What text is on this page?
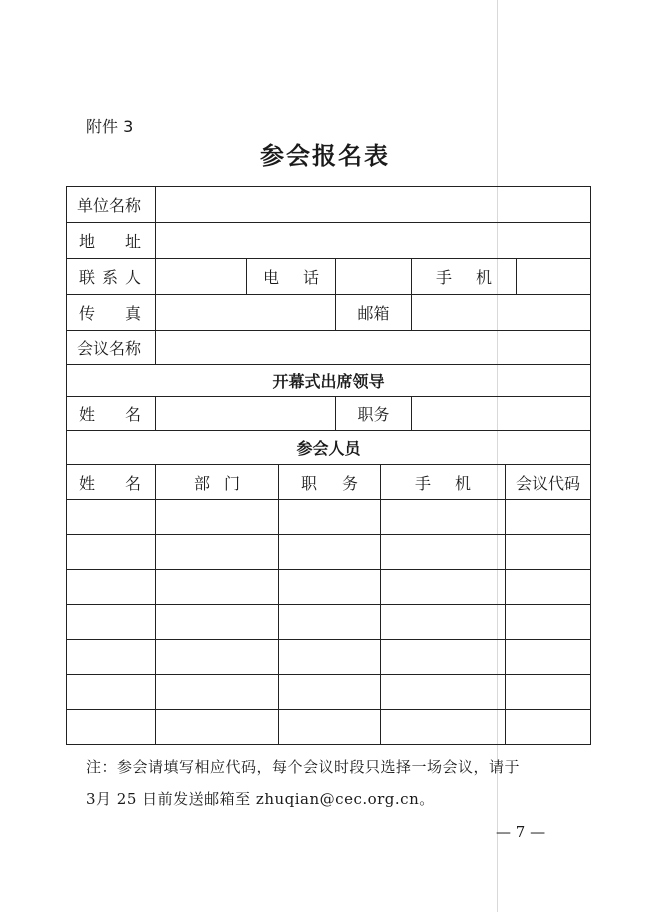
附件 3
参会报名表
单位名称
地 址
联 系 人	电 话	手 机
传 真	邮箱
会议名称
开幕式出席领导
姓 名	职务
参会人员
姓 名	部 门	职 务	手 机	会议代码
注：参会请填写相应代码，每个会议时段只选择一场会议，请于
3月 25 日前发送邮箱至 zhuqian@cec.org.cn。
— 7 —
